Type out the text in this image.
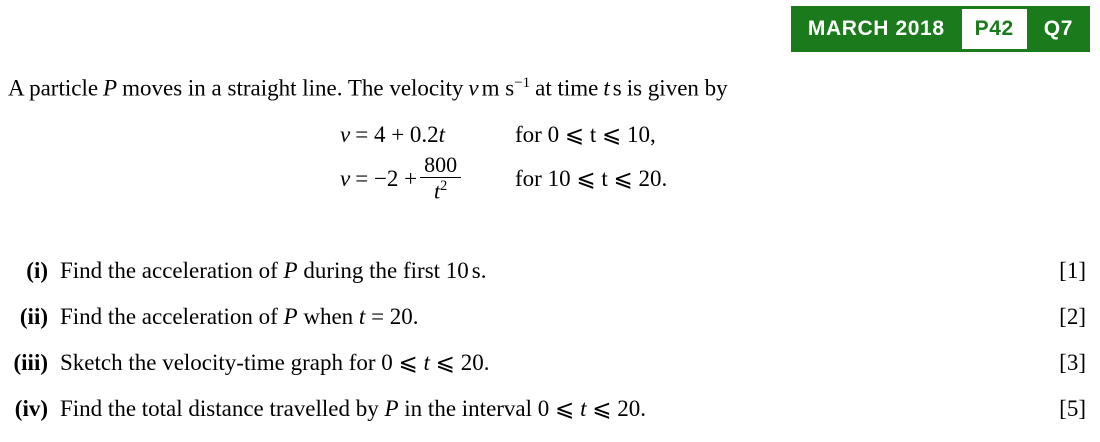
MARCH 2018	P42	Q7
A particle P moves in a straight line. The velocity v m $s^{-1}$ at time t s is given by
v = 4 + 0.2 t	for 0 ⩽ t ⩽ 10,
$v = -2 + \frac{800}{t^2}$ for 10 ⩽ t ⩽ 20.
(i) Find the acceleration of P during the first 10 s.	[1]
(ii) Find the acceleration of P when t = 20.	[2]
(iii) Sketch the velocity-time graph for 0 ⩽ t ⩽ 20.	[3]
(iv) Find the total distance travelled by P in the interval 0 ⩽ t ⩽ 20.	[5]
